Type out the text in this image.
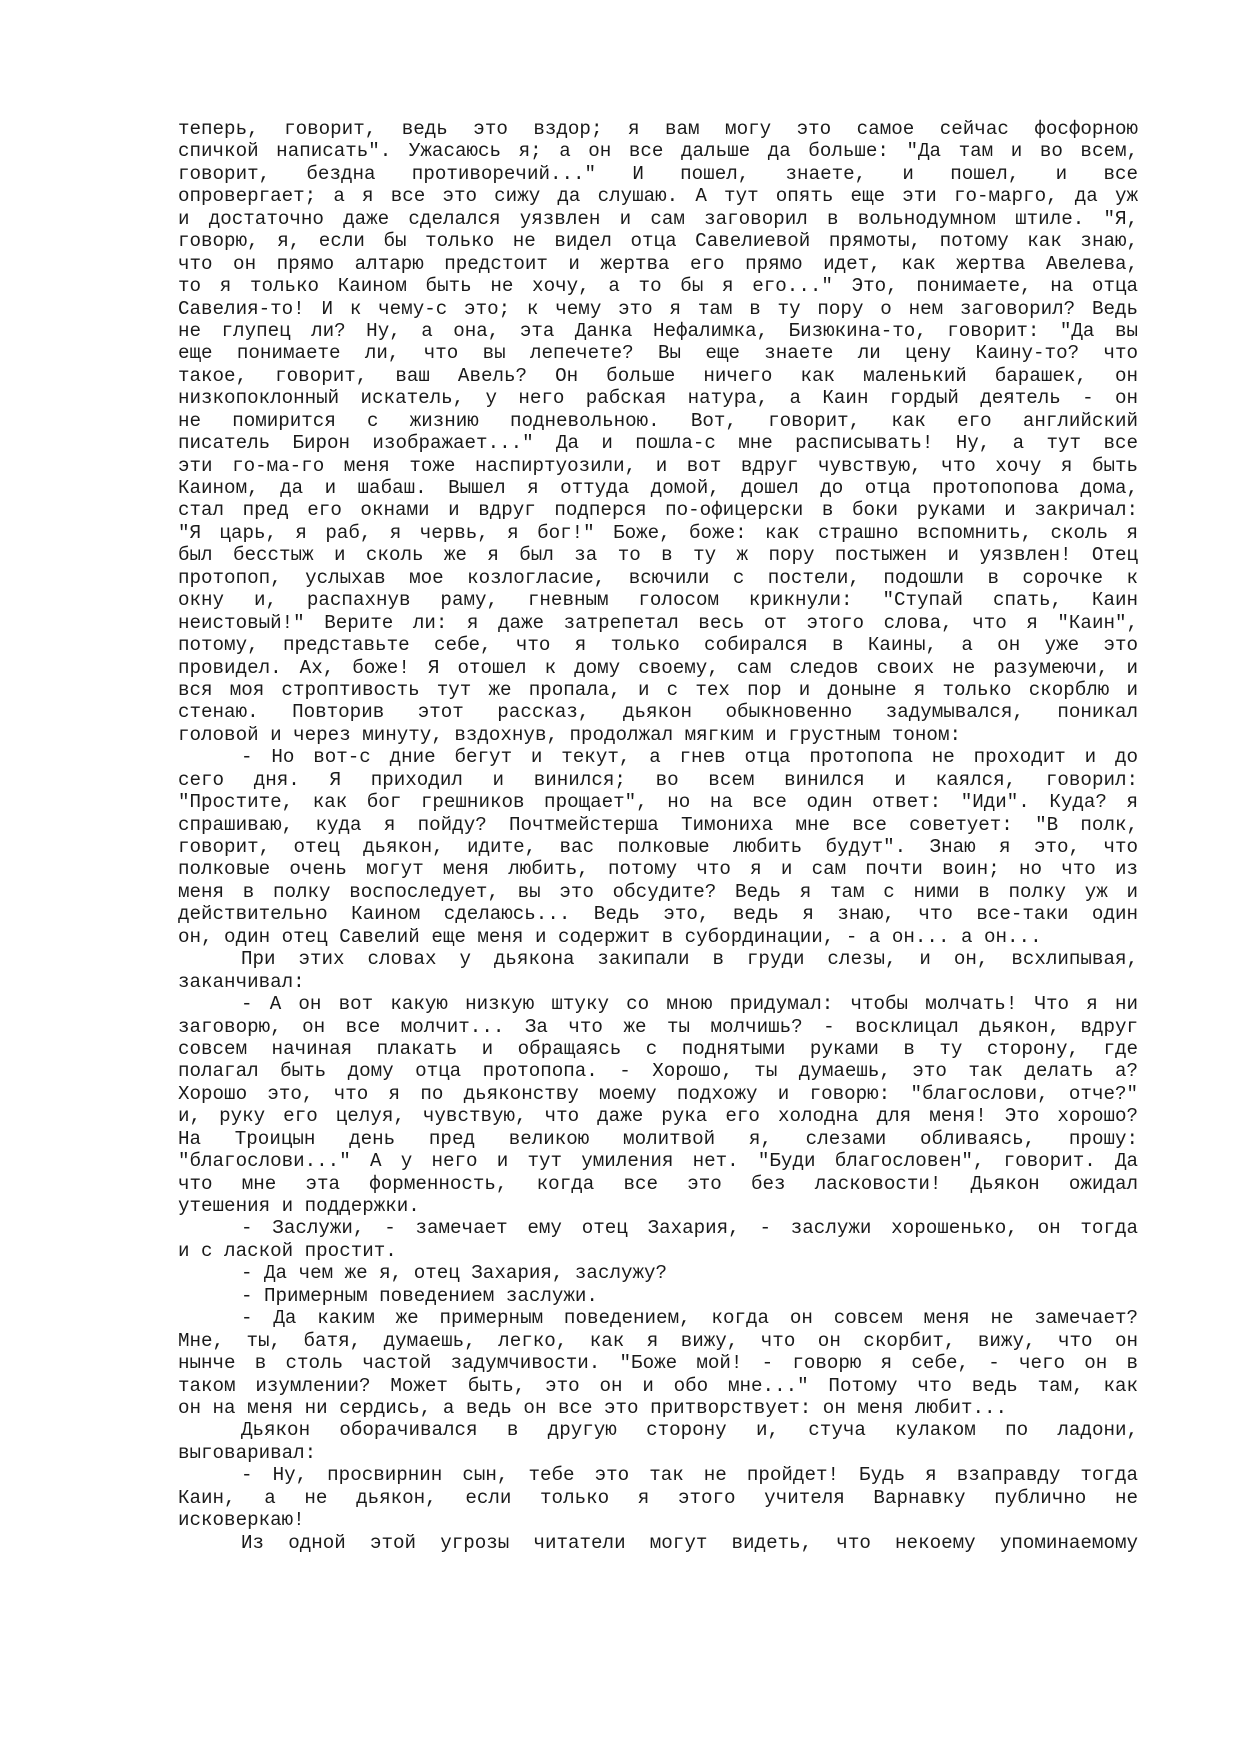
теперь, говорит, ведь это вздор; я вам могу это самое сейчас фосфорною
спичкой написать". Ужасаюсь я; а он все дальше да больше: "Да там и во всем,
говорит, бездна противоречий..." И пошел, знаете, и пошел, и все
опровергает; а я все это сижу да слушаю. А тут опять еще эти го-марго, да уж
и достаточно даже сделался уязвлен и сам заговорил в вольнодумном штиле. "Я,
говорю, я, если бы только не видел отца Савелиевой прямоты, потому как знаю,
что он прямо алтарю предстоит и жертва его прямо идет, как жертва Авелева,
то я только Каином быть не хочу, а то бы я его..." Это, понимаете, на отца
Савелия-то! И к чему-с это; к чему это я там в ту пору о нем заговорил? Ведь
не глупец ли? Ну, а она, эта Данка Нефалимка, Бизюкина-то, говорит: "Да вы
еще понимаете ли, что вы лепечете? Вы еще знаете ли цену Каину-то? что
такое, говорит, ваш Авель? Он больше ничего как маленький барашек, он
низкопоклонный искатель, у него рабская натура, а Каин гордый деятель - он
не помирится с жизнию подневольною. Вот, говорит, как его английский
писатель Бирон изображает..." Да и пошла-с мне расписывать! Ну, а тут все
эти го-ма-го меня тоже наспиртуозили, и вот вдруг чувствую, что хочу я быть
Каином, да и шабаш. Вышел я оттуда домой, дошел до отца протопопова дома,
стал пред его окнами и вдруг подперся по-офицерски в боки руками и закричал:
"Я царь, я раб, я червь, я бог!" Боже, боже: как страшно вспомнить, сколь я
был бесстыж и сколь же я был за то в ту ж пору постыжен и уязвлен! Отец
протопоп, услыхав мое козлогласие, всючили с постели, подошли в сорочке к
окну и, распахнув раму, гневным голосом крикнули: "Ступай спать, Каин
неистовый!" Верите ли: я даже затрепетал весь от этого слова, что я "Каин",
потому, представьте себе, что я только собирался в Каины, а он уже это
провидел. Ах, боже! Я отошел к дому своему, сам следов своих не разумеючи, и
вся моя строптивость тут же пропала, и с тех пор и доныне я только скорблю и
стенаю. Повторив этот рассказ, дьякон обыкновенно задумывался, поникал
головой и через минуту, вздохнув, продолжал мягким и грустным тоном:
- Но вот-с дние бегут и текут, а гнев отца протопопа не проходит и до
сего дня. Я приходил и винился; во всем винился и каялся, говорил:
"Простите, как бог грешников прощает", но на все один ответ: "Иди". Куда? я
спрашиваю, куда я пойду? Почтмейстерша Тимониха мне все советует: "В полк,
говорит, отец дьякон, идите, вас полковые любить будут". Знаю я это, что
полковые очень могут меня любить, потому что я и сам почти воин; но что из
меня в полку воспоследует, вы это обсудите? Ведь я там с ними в полку уж и
действительно Каином сделаюсь... Ведь это, ведь я знаю, что все-таки один
он, один отец Савелий еще меня и содержит в субординации, - а он... а он...
При этих словах у дьякона закипали в груди слезы, и он, всхлипывая,
заканчивал:
- А он вот какую низкую штуку со мною придумал: чтобы молчать! Что я ни
заговорю, он все молчит... За что же ты молчишь? - восклицал дьякон, вдруг
совсем начиная плакать и обращаясь с поднятыми руками в ту сторону, где
полагал быть дому отца протопопа. - Хорошо, ты думаешь, это так делать а?
Хорошо это, что я по дьяконству моему подхожу и говорю: "благослови, отче?"
и, руку его целуя, чувствую, что даже рука его холодна для меня! Это хорошо?
На Троицын день пред великою молитвой я, слезами обливаясь, прошу:
"благослови..." А у него и тут умиления нет. "Буди благословен", говорит. Да
что мне эта форменность, когда все это без ласковости! Дьякон ожидал
утешения и поддержки.
- Заслужи, - замечает ему отец Захария, - заслужи хорошенько, он тогда
и с лаской простит.
- Да чем же я, отец Захария, заслужу?
- Примерным поведением заслужи.
- Да каким же примерным поведением, когда он совсем меня не замечает?
Мне, ты, батя, думаешь, легко, как я вижу, что он скорбит, вижу, что он
нынче в столь частой задумчивости. "Боже мой! - говорю я себе, - чего он в
таком изумлении? Может быть, это он и обо мне..." Потому что ведь там, как
он на меня ни сердись, а ведь он все это притворствует: он меня любит...
Дьякон оборачивался в другую сторону и, стуча кулаком по ладони,
выговаривал:
- Ну, просвирнин сын, тебе это так не пройдет! Будь я взаправду тогда
Каин, а не дьякон, если только я этого учителя Варнавку публично не
исковеркаю!
Из одной этой угрозы читатели могут видеть, что некоему упоминаемому
